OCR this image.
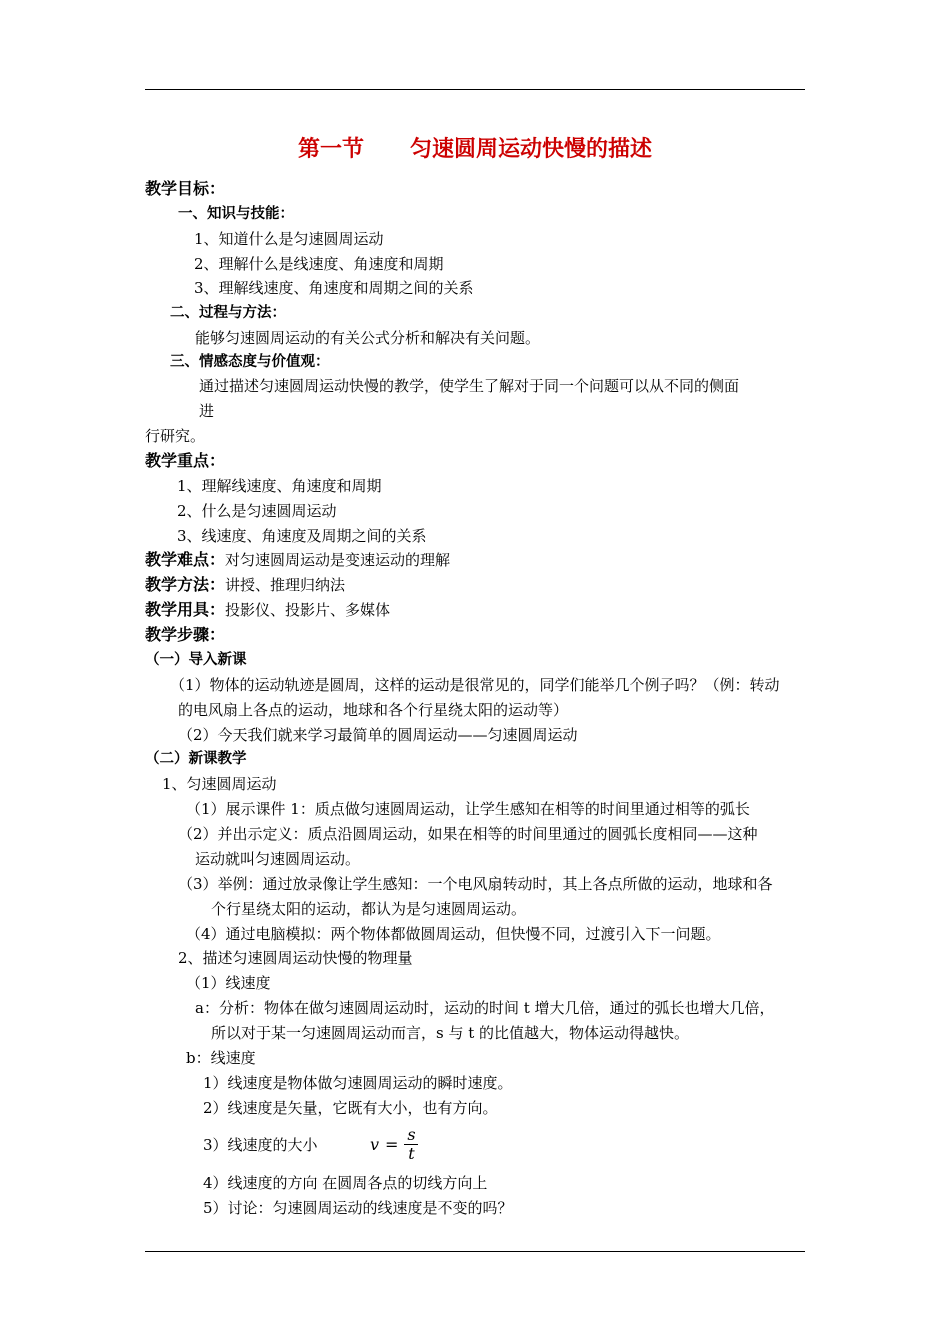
第一节      匀速圆周运动快慢的描述
教学目标：
一、知识与技能：
1、知道什么是匀速圆周运动
2、理解什么是线速度、角速度和周期
3、理解线速度、角速度和周期之间的关系
二、过程与方法：
能够匀速圆周运动的有关公式分析和解决有关问题。
三、情感态度与价值观：
通过描述匀速圆周运动快慢的教学，使学生了解对于同一个问题可以从不同的侧面
进
行研究。
教学重点：
1、理解线速度、角速度和周期
2、什么是匀速圆周运动
3、线速度、角速度及周期之间的关系
教学难点：对匀速圆周运动是变速运动的理解
教学方法：讲授、推理归纳法
教学用具：投影仪、投影片、多媒体
教学步骤：
（一）导入新课
（1）物体的运动轨迹是圆周，这样的运动是很常见的，同学们能举几个例子吗？（例：转动
的电风扇上各点的运动，地球和各个行星绕太阳的运动等）
（2）今天我们就来学习最简单的圆周运动——匀速圆周运动
（二）新课教学
1、匀速圆周运动
（1）展示课件 1：质点做匀速圆周运动，让学生感知在相等的时间里通过相等的弧长
（2）并出示定义：质点沿圆周运动，如果在相等的时间里通过的圆弧长度相同——这种
运动就叫匀速圆周运动。
（3）举例：通过放录像让学生感知：一个电风扇转动时，其上各点所做的运动，地球和各
个行星绕太阳的运动，都认为是匀速圆周运动。
（4）通过电脑模拟：两个物体都做圆周运动，但快慢不同，过渡引入下一问题。
2、描述匀速圆周运动快慢的物理量
（1）线速度
a：分析：物体在做匀速圆周运动时，运动的时间 t 增大几倍，通过的弧长也增大几倍，
所以对于某一匀速圆周运动而言，s 与 t 的比值越大，物体运动得越快。
b：线速度
1）线速度是物体做匀速圆周运动的瞬时速度。
2）线速度是矢量，它既有大小，也有方向。
3）线速度的大小	$v = \frac{s}{t}$
4）线速度的方向 在圆周各点的切线方向上
5）讨论：匀速圆周运动的线速度是不变的吗？
